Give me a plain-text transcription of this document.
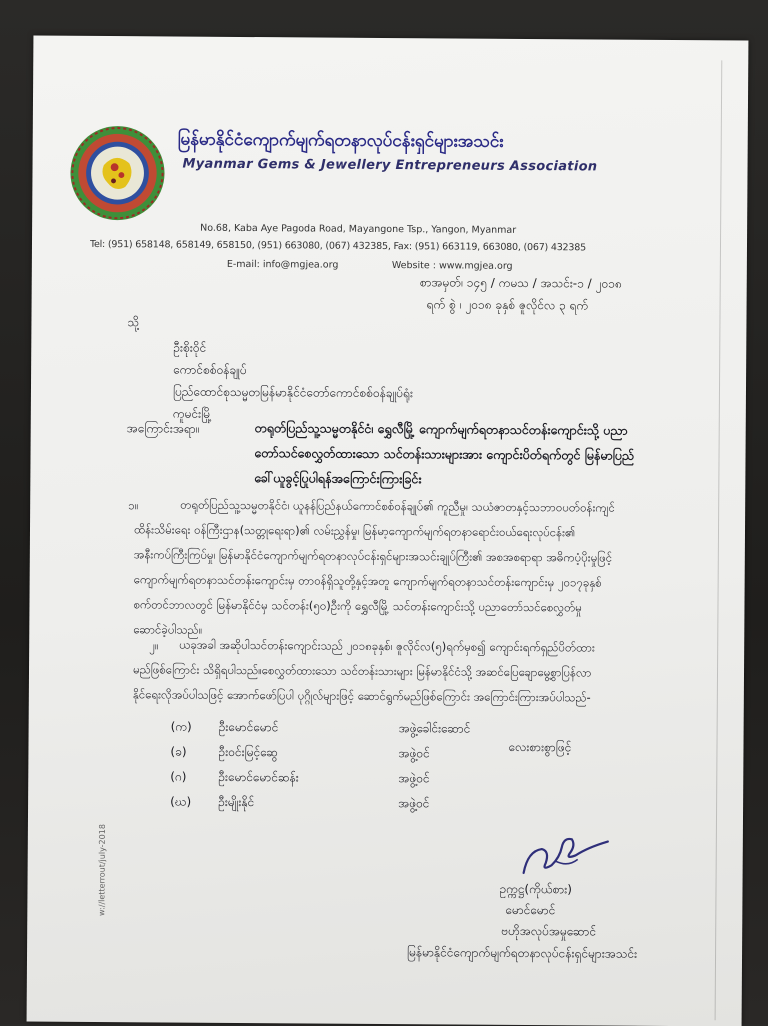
မြန်မာနိုင်ငံကျောက်မျက်ရတနာလုပ်ငန်းရှင်များအသင်း
Myanmar Gems & Jewellery Entrepreneurs Association
No.68, Kaba Aye Pagoda Road, Mayangone Tsp., Yangon, Myanmar
Tel: (951) 658148, 658149, 658150, (951) 663080, (067) 432385, Fax: (951) 663119, 663080, (067) 432385
E-mail: info@mgjea.org	Website : www.mgjea.org
စာအမှတ်၊ ၁၄၅ / ကမသ / အသင်း-၁ / ၂၀၁၈
ရက် စွဲ ၊ ၂၀၁၈ ခုနှစ် ဇူလိုင်လ ၃ ရက်
သို့
ဦးစိုးဝိုင်
ကောင်စစ်ဝန်ချုပ်
ပြည်ထောင်စုသမ္မတမြန်မာနိုင်ငံတော်ကောင်စစ်ဝန်ချုပ်ရုံး
ကူမင်းမြို့
အကြောင်းအရာ။	တရုတ်ပြည်သူ့သမ္မတနိုင်ငံ၊ ရွှေလီမြို့ ကျောက်မျက်ရတနာသင်တန်းကျောင်းသို့ ပညာ
တော်သင်စေလွှတ်ထားသော သင်တန်းသားများအား ကျောင်းပိတ်ရက်တွင် မြန်မာပြည်
ခေါ်ယူခွင့်ပြုပါရန်အကြောင်းကြားခြင်း
၁။	တရုတ်ပြည်သူ့သမ္မတနိုင်ငံ၊ ယူနန်ပြည်နယ်ကောင်စစ်ဝန်ချုပ်၏ ကူညီမှု၊ သယံဇာတနှင့်သဘာဝပတ်ဝန်းကျင်
ထိန်းသိမ်းရေး ဝန်ကြီးဌာန(သတ္တုရေးရာ)၏ လမ်းညွှန်မှု၊ မြန်မာ့ကျောက်မျက်ရတနာရောင်းဝယ်ရေးလုပ်ငန်း၏
အနီးကပ်ကြီးကြပ်မှု၊ မြန်မာနိုင်ငံကျောက်မျက်ရတနာလုပ်ငန်းရှင်များအသင်းချုပ်ကြီး၏ အစအစရာရာ အဓိကပံ့ပိုးမှုဖြင့်
ကျောက်မျက်ရတနာသင်တန်းကျောင်းမှ တာဝန်ရှိသူတို့နှင့်အတူ ကျောက်မျက်ရတနာသင်တန်းကျောင်းမှ ၂၀၁၇ခုနှစ်
စက်တင်ဘာလတွင် မြန်မာနိုင်ငံမှ သင်တန်း(၅၀)ဦးကို ရွှေလီမြို့ သင်တန်းကျောင်းသို့ ပညာတော်သင်စေလွှတ်မှု
ဆောင်ခဲ့ပါသည်။
၂။ ယခုအခါ အဆိုပါသင်တန်းကျောင်းသည် ၂၀၁၈ခုနှစ်၊ ဇူလိုင်လ(၅)ရက်မှစ၍ ကျောင်းရက်ရှည်ပိတ်ထား
မည်ဖြစ်ကြောင်း သိရှိရပါသည်။စေလွှတ်ထားသော သင်တန်းသားများ မြန်မာနိုင်ငံသို့ အဆင်ပြေချောမွေ့စွာပြန်လာ
နိုင်ရေးလိုအပ်ပါသဖြင့် အောက်ဖော်ပြပါ ပုဂ္ဂိုလ်များဖြင့် ဆောင်ရွက်မည်ဖြစ်ကြောင်း အကြောင်းကြားအပ်ပါသည်-
(က) ဦးမောင်မောင်	အဖွဲ့ခေါင်းဆောင်
(ခ)	ဦးဝင်းမြင့်ဆွေ	အဖွဲ့ဝင်
(ဂ)	ဦးမောင်မောင်ဆန်း	အဖွဲ့ဝင်
(ဃ) ဦးမျိုးနိုင်	အဖွဲ့ဝင်
လေးစားစွာဖြင့်
ဥက္ကဋ္ဌ(ကိုယ်စား)
မောင်မောင်
ဗဟိုအလုပ်အမှုဆောင်
မြန်မာနိုင်ငံကျောက်မျက်ရတနာလုပ်ငန်းရှင်များအသင်း
w://letterrout/july-2018
